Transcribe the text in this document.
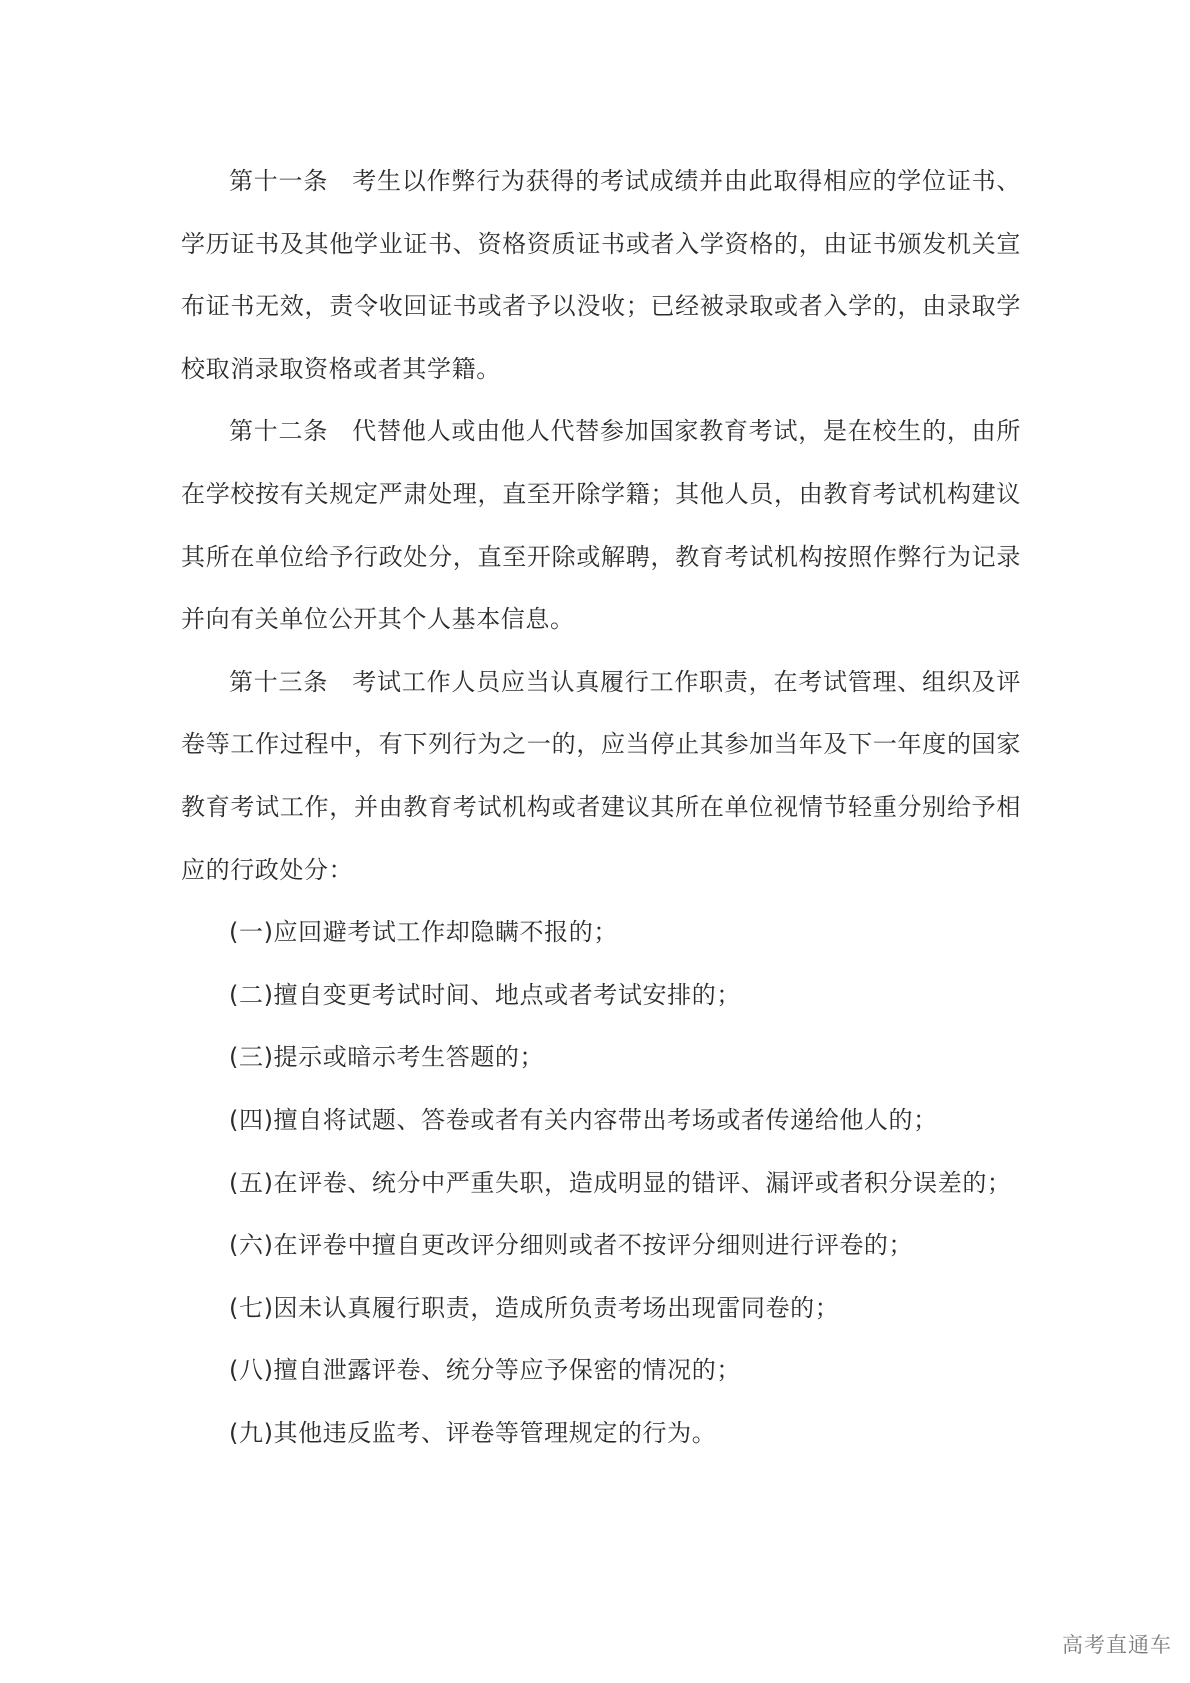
第十一条 考生以作弊行为获得的考试成绩并由此取得相应的学位证书、学历证书及其他学业证书、资格资质证书或者入学资格的，由证书颁发机关宣布证书无效，责令收回证书或者予以没收；已经被录取或者入学的，由录取学校取消录取资格或者其学籍。

第十二条 代替他人或由他人代替参加国家教育考试，是在校生的，由所在学校按有关规定严肃处理，直至开除学籍；其他人员，由教育考试机构建议其所在单位给予行政处分，直至开除或解聘，教育考试机构按照作弊行为记录并向有关单位公开其个人基本信息。

第十三条 考试工作人员应当认真履行工作职责，在考试管理、组织及评卷等工作过程中，有下列行为之一的，应当停止其参加当年及下一年度的国家教育考试工作，并由教育考试机构或者建议其所在单位视情节轻重分别给予相应的行政处分：

(一)应回避考试工作却隐瞒不报的；

(二)擅自变更考试时间、地点或者考试安排的；

(三)提示或暗示考生答题的；

(四)擅自将试题、答卷或者有关内容带出考场或者传递给他人的；

(五)在评卷、统分中严重失职，造成明显的错评、漏评或者积分误差的；

(六)在评卷中擅自更改评分细则或者不按评分细则进行评卷的；

(七)因未认真履行职责，造成所负责考场出现雷同卷的；

(八)擅自泄露评卷、统分等应予保密的情况的；

(九)其他违反监考、评卷等管理规定的行为。

高考直通车
